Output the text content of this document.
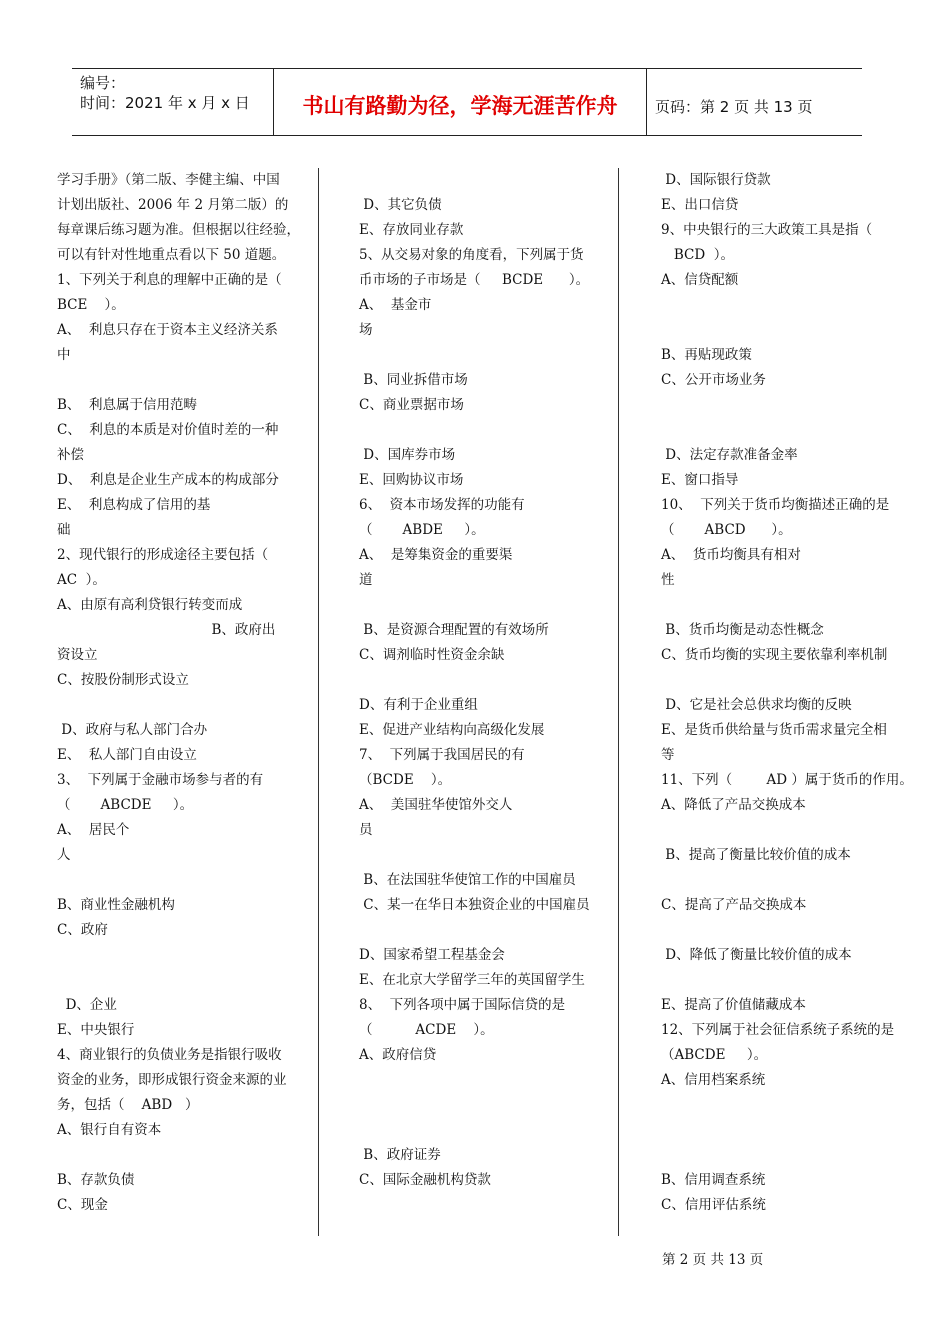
编号：
时间：2021 年 x 月 x 日	书山有路勤为径，学海无涯苦作舟	页码：第 2 页 共 13 页
学习手册》（第二版、李健主编、中国
计划出版社、2006 年 2 月第二版）的
每章课后练习题为准。但根据以往经验，
可以有针对性地重点看以下 50 道题。
1、下列关于利息的理解中正确的是（
BCE    ）。
A、  利息只存在于资本主义经济关系
中
B、  利息属于信用范畴
C、  利息的本质是对价值时差的一种
补偿
D、  利息是企业生产成本的构成部分
E、  利息构成了信用的基
础
2、现代银行的形成途径主要包括（
AC  ）。
A、由原有高利贷银行转变而成
B、政府出
资设立
C、按股份制形式设立
D、政府与私人部门合办
E、  私人部门自由设立
3、  下列属于金融市场参与者的有
（       ABCDE     ）。
A、  居民个
人
B、商业性金融机构
C、政府
D、企业
E、中央银行
4、商业银行的负债业务是指银行吸收
资金的业务，即形成银行资金来源的业
务，包括（    ABD   ）
A、银行自有资本
B、存款负债
C、现金
D、其它负债
E、存放同业存款
5、从交易对象的角度看，下列属于货
币市场的子市场是（     BCDE      ）。
A、  基金市
场
B、同业拆借市场
C、商业票据市场
D、国库券市场
E、回购协议市场
6、  资本市场发挥的功能有
（       ABDE     ）。
A、  是筹集资金的重要渠
道
B、是资源合理配置的有效场所
C、调剂临时性资金余缺
D、有利于企业重组
E、促进产业结构向高级化发展
7、  下列属于我国居民的有
（BCDE    ）。
A、  美国驻华使馆外交人
员
B、在法国驻华使馆工作的中国雇员
C、某一在华日本独资企业的中国雇员
D、国家希望工程基金会
E、在北京大学留学三年的英国留学生
8、  下列各项中属于国际信贷的是
（          ACDE    ）。
A、政府信贷
B、政府证券
C、国际金融机构贷款
D、国际银行贷款
E、出口信贷
9、中央银行的三大政策工具是指（
BCD  ）。
A、信贷配额
B、再贴现政策
C、公开市场业务
D、法定存款准备金率
E、窗口指导
10、  下列关于货币均衡描述正确的是
（       ABCD      ）。
A、  货币均衡具有相对
性
B、货币均衡是动态性概念
C、货币均衡的实现主要依靠利率机制
D、它是社会总供求均衡的反映
E、是货币供给量与货币需求量完全相
等
11、下列（        AD ）属于货币的作用。
A、降低了产品交换成本
B、提高了衡量比较价值的成本
C、提高了产品交换成本
D、降低了衡量比较价值的成本
E、提高了价值储藏成本
12、下列属于社会征信系统子系统的是
（ABCDE     ）。
A、信用档案系统
B、信用调查系统
C、信用评估系统
第 2 页 共 13 页
